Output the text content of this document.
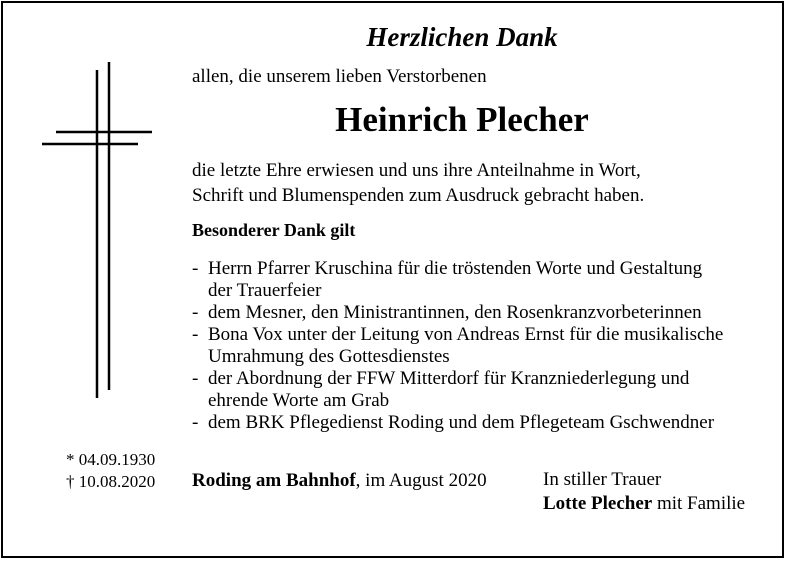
Herzlichen Dank
allen, die unserem lieben Verstorbenen
Heinrich Plecher
die letzte Ehre erwiesen und uns ihre Anteilnahme in Wort,
Schrift und Blumenspenden zum Ausdruck gebracht haben.
Besonderer Dank gilt
- Herrn Pfarrer Kruschina für die tröstenden Worte und Gestaltung
der Trauerfeier
- dem Mesner, den Ministrantinnen, den Rosenkranzvorbeterinnen
- Bona Vox unter der Leitung von Andreas Ernst für die musikalische
Umrahmung des Gottesdienstes
- der Abordnung der FFW Mitterdorf für Kranzniederlegung und
ehrende Worte am Grab
- dem BRK Pflegedienst Roding und dem Pflegeteam Gschwendner
* 04.09.1930
† 10.08.2020 Roding am Bahnhof, im August 2020	In stiller Trauer
Lotte Plecher mit Familie
